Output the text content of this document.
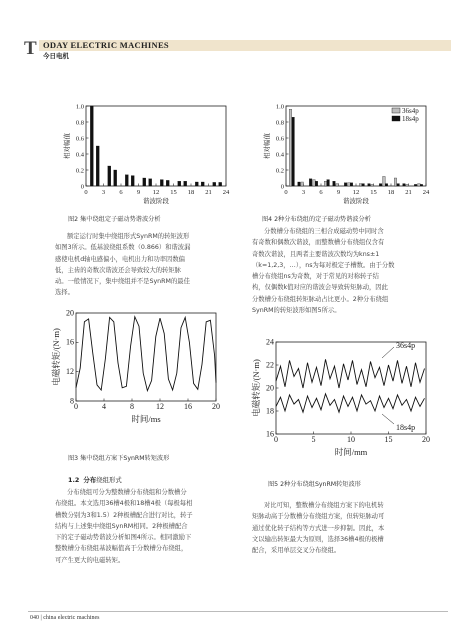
T ODAY ELECTRIC MACHINES
今日电机
0 3 6 9 12 15 18 21 24
0
0.2
0.4
0.6
0.8
1.0
谐波阶段
相对幅值
图2 集中绕组定子磁动势谐波分析
0 3 6 9 12 15 18 21 24
0
0.2
0.4
0.6
0.8
1.0
谐波阶段
相对幅值
36s4p
18s4p
图4 2种分布绕组的定子磁动势谐波分析

额定运行时集中绕组形式SynRM的转矩波形

如图3所示。低基波绕组系数（0.866）和谐波漏
感使电机d轴电感偏小，电机出力和功率因数偏
低，主齿的奇数次谐波还会导致较大的转矩脉
动。一般情况下，集中绕组并不是SynRM的最佳
选择。

分数槽分布绕组的三相合成磁动势中同时含

有奇数和偶数次谐波，而整数槽分布绕组仅含有
奇数次谐波，且两者主要谐波次数均为kns±1
（k=1,2,3，…），ns为每对极定子槽数。由于分数
槽分布绕组ns为奇数，对于常见的对称转子结
构，仅偶数k值对应的谐波会导致转矩脉动，因此
分数槽分布绕组转矩脉动占比更小。2种分布绕组
SynRM的转矩波形如图5所示。
0	4	8	12	16	20
8
12
16
20
时间/ms
电磁转矩/(N·m)
图3 集中绕组方案下SynRM转矩波形
0	5	10	15	20
16
18
20
22
24
时间/mm
电磁转矩/(N·m)
36s4p
18s4p
图5 2种分布绕组SynRM转矩波形
1.2 分布绕组形式

分布绕组可分为整数槽分布绕组和分数槽分

布绕组。本文选用36槽4极和18槽4极（每极每相
槽数分别为3和1.5）2种极槽配合进行对比，转子
结构与上述集中绕组SynRM相同。2种极槽配合
下的定子磁动势谐波分析如图4所示。相同激励下
整数槽分布绕组基波幅值高于分数槽分布绕组，
可产生更大的电磁转矩。

对比可知，整数槽分布绕组方案下的电机转

矩脉动高于分数槽分布绕组方案，但转矩脉动可
通过优化转子结构等方式进一步抑制。因此，本
文以输出转矩最大为原则，选择36槽4极的极槽
配合，采用单层交叉分布绕组。
040 | china electric machines
